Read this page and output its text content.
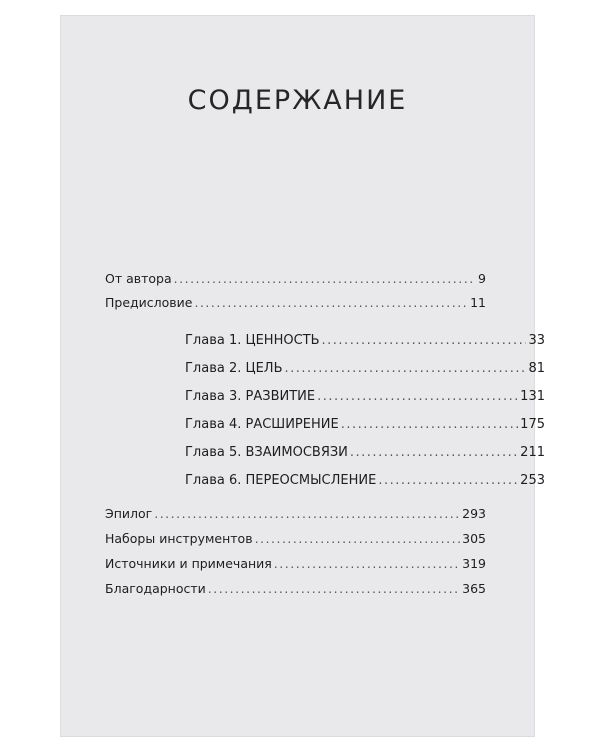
СОДЕРЖАНИЕ
От автора .....	9
Предисловие .....	11
Глава 1. ЦЕННОСТЬ .....	33
Глава 2. ЦЕЛЬ .....	81
Глава 3. РАЗВИТИЕ .....	131
Глава 4. РАСШИРЕНИЕ .....	175
Глава 5. ВЗАИМОСВЯЗИ .....	211
Глава 6. ПЕРЕОСМЫСЛЕНИЕ .....	253
Эпилог .....	293
Наборы инструментов .....	305
Источники и примечания .....	319
Благодарности .....	365
